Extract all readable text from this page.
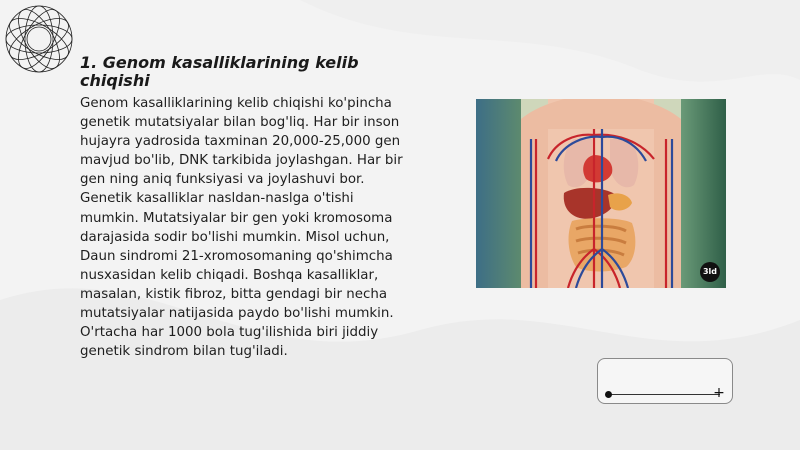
1. Genom kasalliklarining kelib chiqishi
Genom kasalliklarining kelib chiqishi ko'pincha genetik mutatsiyalar bilan bog'liq. Har bir inson hujayra yadrosida taxminan 20,000-25,000 gen mavjud bo'lib, DNK tarkibida joylashgan. Har bir gen ning aniq funksiyasi va joylashuvi bor. Genetik kasalliklar nasldan-naslga o'tishi mumkin. Mutatsiyalar bir gen yoki kromosoma darajasida sodir bo'lishi mumkin. Misol uchun, Daun sindromi 21-xromosomaning qo'shimcha nusxasidan kelib chiqadi. Boshqa kasalliklar, masalan, kistik fibroz, bitta gendagi bir necha mutatsiyalar natijasida paydo bo'lishi mumkin. O'rtacha har 1000 bola tug'ilishida biri jiddiy genetik sindrom bilan tug'iladi.
3ld
+
